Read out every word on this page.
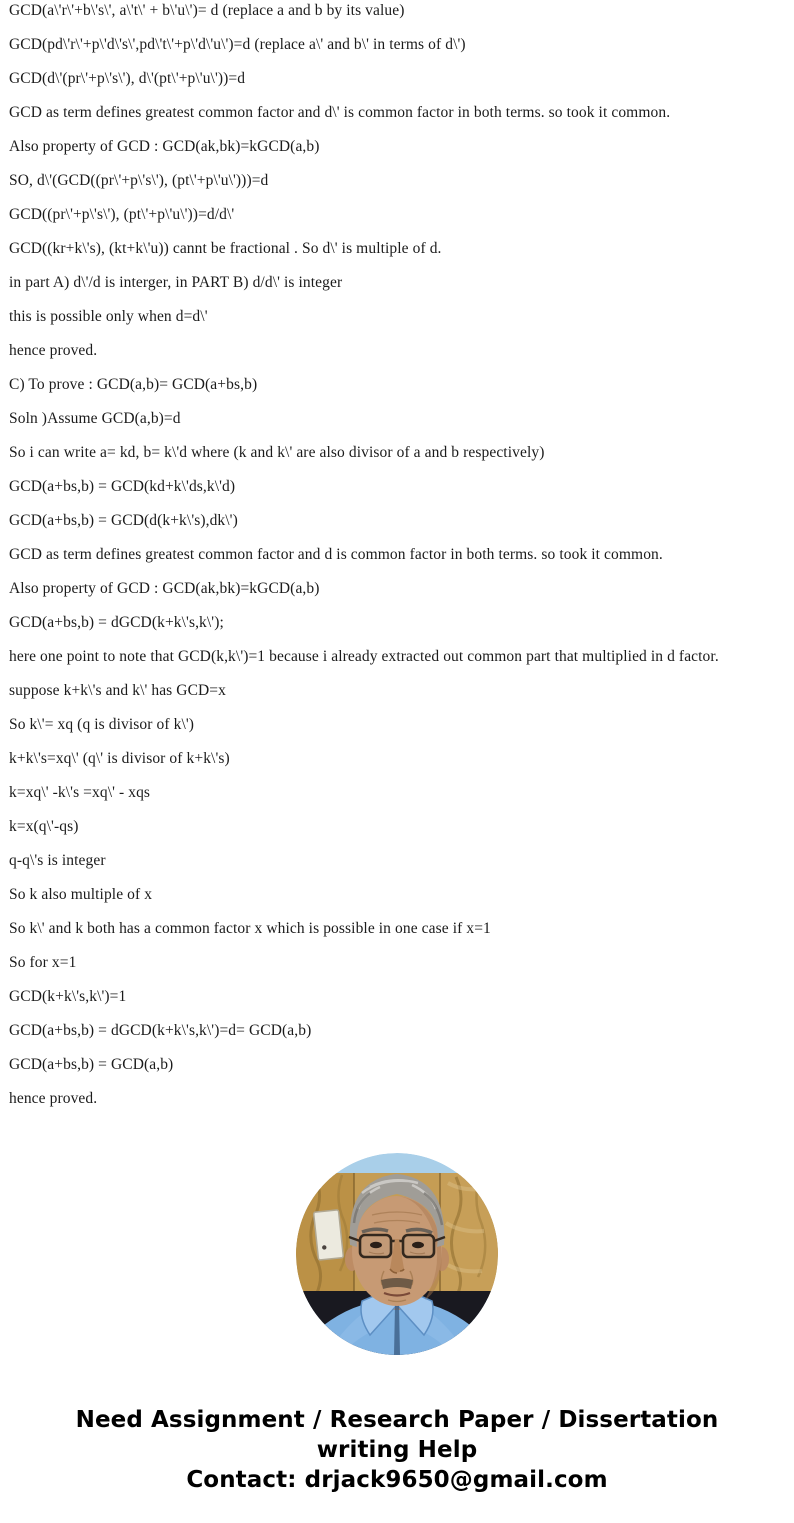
GCD(a\'r\'+b\'s\', a\'t\' + b\'u\')= d (replace a and b by its value)

GCD(pd\'r\'+p\'d\'s\',pd\'t\'+p\'d\'u\')=d (replace a\' and b\' in terms of d\')

GCD(d\'(pr\'+p\'s\'), d\'(pt\'+p\'u\'))=d

GCD as term defines greatest common factor and d\' is common factor in both terms. so took it common.

Also property of GCD : GCD(ak,bk)=kGCD(a,b)

SO, d\'(GCD((pr\'+p\'s\'), (pt\'+p\'u\')))=d

GCD((pr\'+p\'s\'), (pt\'+p\'u\'))=d/d\'

GCD((kr+k\'s), (kt+k\'u)) cannt be fractional . So d\' is multiple of d.

in part A) d\'/d is interger, in PART B) d/d\' is integer

this is possible only when d=d\'

hence proved.

C) To prove : GCD(a,b)= GCD(a+bs,b)

Soln )Assume GCD(a,b)=d

So i can write a= kd, b= k\'d where (k and k\' are also divisor of a and b respectively)

GCD(a+bs,b) = GCD(kd+k\'ds,k\'d)

GCD(a+bs,b) = GCD(d(k+k\'s),dk\')

GCD as term defines greatest common factor and d is common factor in both terms. so took it common.

Also property of GCD : GCD(ak,bk)=kGCD(a,b)

GCD(a+bs,b) = dGCD(k+k\'s,k\');

here one point to note that GCD(k,k\')=1 because i already extracted out common part that multiplied in d factor.

suppose k+k\'s and k\' has GCD=x

So k\'= xq (q is divisor of k\')

k+k\'s=xq\' (q\' is divisor of k+k\'s)

k=xq\' -k\'s =xq\' - xqs

k=x(q\'-qs)

q-q\'s is integer

So k also multiple of x

So k\' and k both has a common factor x which is possible in one case if x=1

So for x=1

GCD(k+k\'s,k\')=1

GCD(a+bs,b) = dGCD(k+k\'s,k\')=d= GCD(a,b)

GCD(a+bs,b) = GCD(a,b)

hence proved.

Need Assignment / Research Paper / Dissertation
writing Help
Contact: drjack9650@gmail.com
